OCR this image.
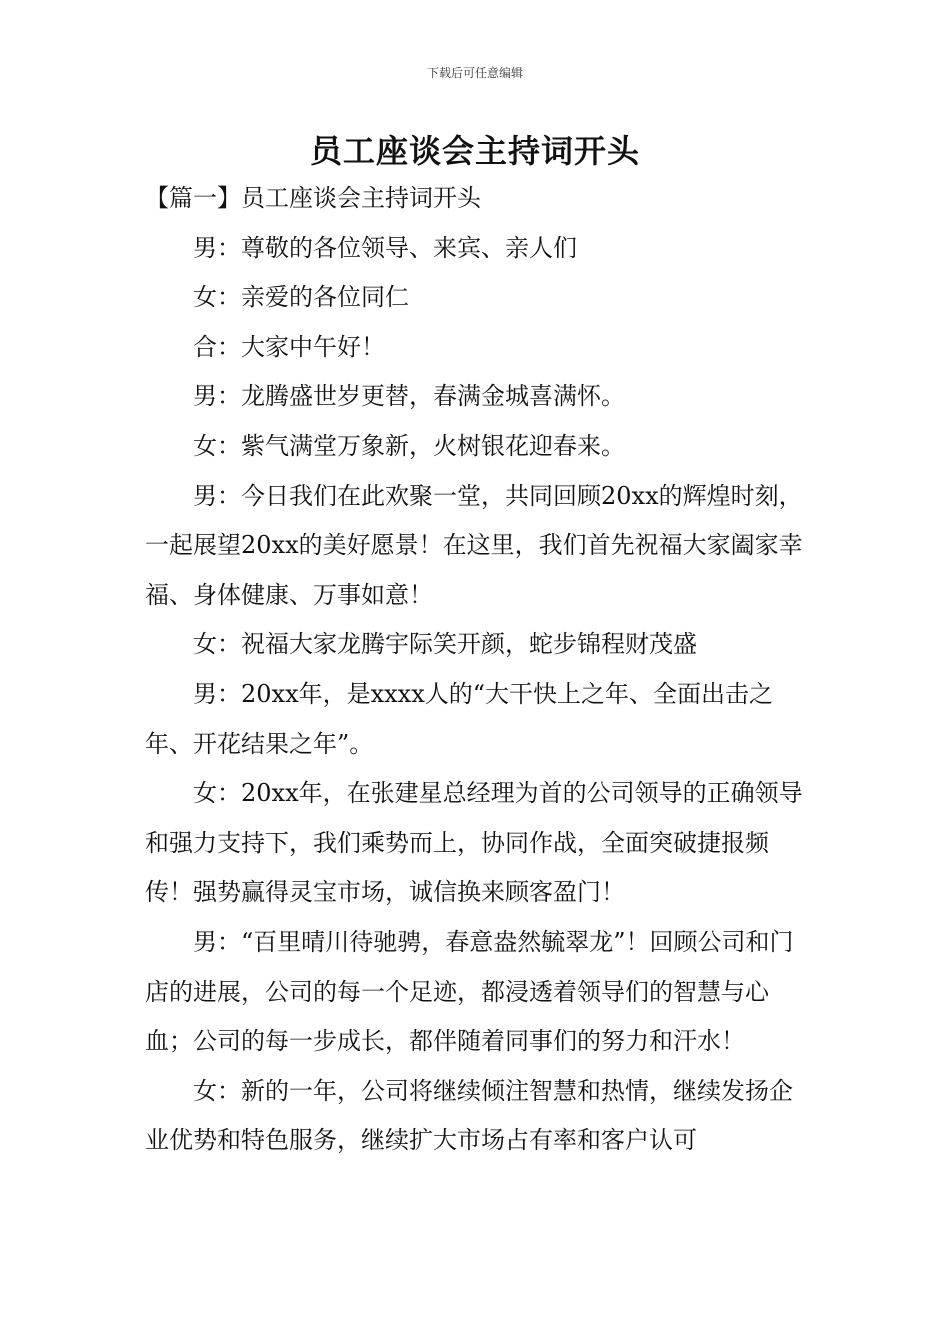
下载后可任意编辑
员工座谈会主持词开头

【篇一】员工座谈会主持词开头

男：尊敬的各位领导、来宾、亲人们

女：亲爱的各位同仁

合：大家中午好！

男：龙腾盛世岁更替，春满金城喜满怀。

女：紫气满堂万象新，火树银花迎春来。

男：今日我们在此欢聚一堂，共同回顾20xx的辉煌时刻，一起展望20xx的美好愿景！在这里，我们首先祝福大家阖家幸福、身体健康、万事如意！

女：祝福大家龙腾宇际笑开颜，蛇步锦程财茂盛

男：20xx年，是xxxx人的“大干快上之年、全面出击之年、开花结果之年”。

女：20xx年，在张建星总经理为首的公司领导的正确领导和强力支持下，我们乘势而上，协同作战，全面突破捷报频传！强势赢得灵宝市场，诚信换来顾客盈门！

男：“百里晴川待驰骋，春意盎然毓翠龙”！回顾公司和门店的进展，公司的每一个足迹，都浸透着领导们的智慧与心血；公司的每一步成长，都伴随着同事们的努力和汗水！

女：新的一年，公司将继续倾注智慧和热情，继续发扬企业优势和特色服务，继续扩大市场占有率和客户认可
